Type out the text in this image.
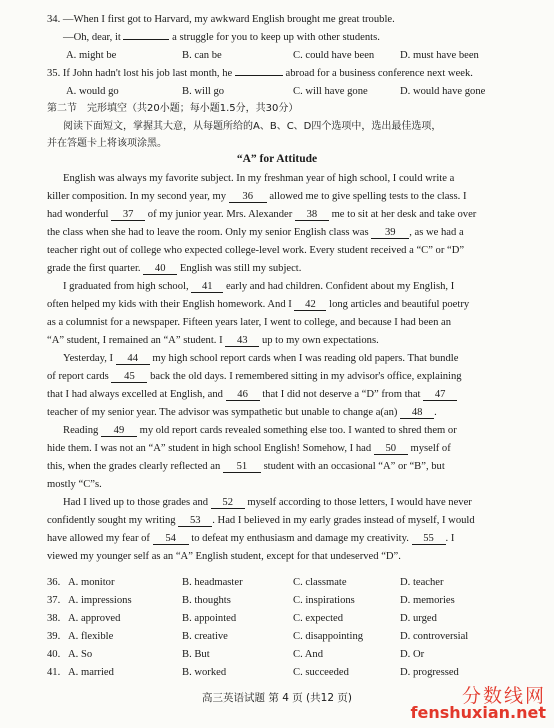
34. —When I first got to Harvard, my awkward English brought me great trouble.
—Oh, dear, it	a struggle for you to keep up with other students.
A. might be	B. can be	C. could have been D. must have been
35. If John hadn't lost his job last month, he	abroad for a business conference next week.
A. would go	B. will go	C. will have gone	D. would have gone
第二节　完形填空（共20小题；每小题1.5分，共30分）
阅读下面短文，掌握其大意，从每题所给的A、B、C、D四个选项中，选出最佳选项，
并在答题卡上将该项涂黑。
“A” for Attitude
English was always my favorite subject. In my freshman year of high school, I could write a
killer composition. In my second year, my 36 allowed me to give spelling tests to the class. I
had wonderful 37 of my junior year. Mrs. Alexander 38 me to sit at her desk and take over
the class when she had to leave the room. Only my senior English class was 39 , as we had a
teacher right out of college who expected college-level work. Every student received a “C” or “D”
grade the first quarter. 40 English was still my subject.
I graduated from high school, 41 early and had children. Confident about my English, I
often helped my kids with their English homework. And I 42 long articles and beautiful poetry
as a columnist for a newspaper. Fifteen years later, I went to college, and because I had been an
“A” student, I remained an “A” student. I 43 up to my own expectations.
Yesterday, I 44 my high school report cards when I was reading old papers. That bundle
of report cards 45 back the old days. I remembered sitting in my advisor's office, explaining
that I had always excelled at English, and 46 that I did not deserve a “D” from that 47
teacher of my senior year. The advisor was sympathetic but unable to change a(an) 48 .
Reading 49 my old report cards revealed something else too. I wanted to shred them or
hide them. I was not an “A” student in high school English! Somehow, I had 50 myself of
this, when the grades clearly reflected an 51 student with an occasional “A” or “B”, but
mostly “C”s.
Had I lived up to those grades and 52 myself according to those letters, I would have never
confidently sought my writing 53 . Had I believed in my early grades instead of myself, I would
have allowed my fear of 54 to defeat my enthusiasm and damage my creativity. 55 . I
viewed my younger self as an “A” English student, except for that undeserved “D”.
36. A. monitor	B. headmaster	C. classmate	D. teacher
37. A. impressions	B. thoughts	C. inspirations	D. memories
38. A. approved	B. appointed	C. expected	D. urged
39. A. flexible	B. creative	C. disappointing	D. controversial
40. A. So	B. But	C. And	D. Or
41. A. married	B. worked	C. succeeded	D. progressed
高三英语试题 第 4 页 (共12 页)	分数线网
fenshuxian.net
